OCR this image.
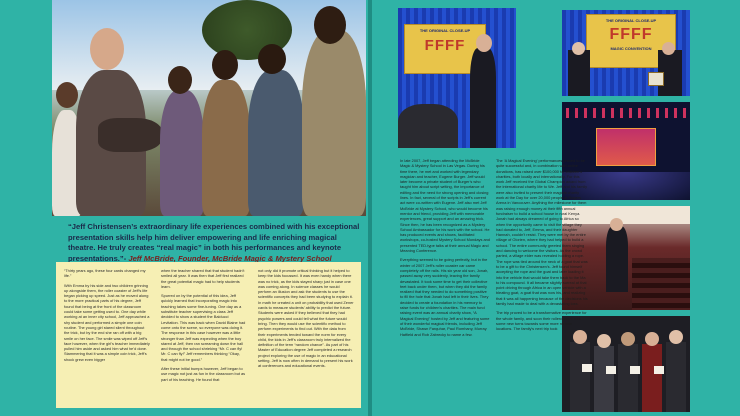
“Jeff Christensen’s extraordinary life experiences combined with his exceptional presentation skills help him deliver empowering and life enriching magical theatre. He truly creates “real magic” in both his performances and keynote presentations.”- Jeff McBride, Founder, McBride Magic & Mystery School

“Thirty years ago, these four cards changed my life.”

With Emma by his side and two children grinning up alongside them, the roller coaster of Jeff’s life began picking up speed. Just as he moved along to the more practical parts of his degree, Jeff found that being at the front of the classroom could take some getting used to. One day while working at an inner city school, Jeff approached a shy student and performed a simple one coin routine. The young girl stared silent throughout the trick, but by the end she ran off with a big smile on her face. The smile was wiped off Jeff’s face however, when the girl’s teacher immediately pulled him aside and asked him what he’d done. Stammering that it was a simple coin trick, Jeff’s shock grew even bigger

when the teacher shared that that student hadn’t smiled all year. It was then that Jeff first realized the great potential magic had to help students learn.

Spurred on by the potential of this idea, Jeff quickly learned that incorporating magic into teaching takes some fine-tuning. One day as a substitute teacher supervising a class Jeff decided to show a student the Balducci Levitation. This was back when David Blaine had come onto the scene, so everyone was doing it. The response in this case however was a little stronger than Jeff was expecting when the boy stared at Jeff, then ran screaming down the hall and through the school shrieking “Mr. C can fly! Mr. C can fly!” Jeff remembers thinking “Okay, that might not be good.”

After these initial bumps however, Jeff began to use magic not just as fun in the classroom but as part of his teaching. He found that

not only did it promote critical thinking but it helped to keep the kids focussed. It was even handy when there was no trick, as the kids stayed sharp just in case one was coming along. In science classes he would perform an illusion and ask the students to use the scientific concepts they had been studying to explain it. In math he created a unit on probability that used Zener cards to measure students’ ability to predict the future. Students were asked if they believed that they had psychic powers and could tell what the future would bring. Then they would use the scientific method to perform experiments to find out. With the data from their experiments tended toward the norm for every child, the kids in Jeff’s classroom truly internalized the definition of the term “random chance”. As part of his Master of Education degree Jeff completed a research project exploring the use of magic in an educational setting. Jeff is now often in demand to present his work at conferences and educational events.

THE ORIGINAL CLOSE-UP
FFFF
THE ORIGINAL CLOSE-UP
FFFF
MAGIC CONVENTION

In late 2007, Jeff began attending the McBride Magic & Mystery School in Las Vegas. During his time there, he met and worked with legendary magician and teacher, Eugene Burger. Jeff would later become a private student of Burger’s who taught him about script writing, the importance of editing and the need for strong opening and closing lines. In fact, several of the scripts in Jeff’s current act were co-written with Eugene. Jeff also met Jeff McBride at Mystery School, who would become his mentor and friend, providing Jeff with memorable experiences, great support and an amazing trick. Since then, he has been recognized as a Mystery School Ambassador for his work with the school. He has produced events and shows, facilitated workshops, co-hosted Mystery School Mondays and presented TED-type talks at their annual Magic and Meaning Conference.

Everything seemed to be going perfectly, but in the winter of 2007 Jeff’s roller coaster car came completely off the rails. His six year old son, Jonah, passed away very suddenly, leaving the family devastated. It took some time to get their collective feet back under them, but when they did the family realized that they needed to do something positive to fill the hole that Jonah had left in their lives. They decided to create a foundation in his memory to raise funds for children’s charities. The main fund raising event was an annual charity show, “A Magical Evening” hosted by Jeff and featuring some of their wonderful magical friends, including Jeff McBride, Shawn Farquhar, Paul Romhany, Murray Hatfield and Rob Zabrecky to name a few.

The ‘A Magical Evening’ performances proved to be quite successful and, in combination with online donations, has raised over $100,000 for children’s charities, both locally and internationally. For this work Jeff received the Global Champion award from the international charity Me to We. Jeff and his family were also invited to present their magical charity work at the Day for over 20,000 people at Rogers Arena in Vancouver. Anything the milestone for them was raising enough money at their fifth annual fundraiser to build a school house in rural Kenya. Jonah had always dreamed of going to Africa so when the opportunity came to visit the village they had donated to, Jeff, Emma, and their daughter Hannah, couldn’t resist. They were met by the entire village of Olorien, where they had helped to build a school. The entire community greeted them singing and dancing to welcome the visitors. As the crowd parted, a village elder was revealed holding a rope. The rope was tied around the neck of a goat that was to be a gift to the Christensen’s. Jeff found himself accepting the rope and the goat and later loading it into the vehicle that would take them back to the Ma to his compound. It all became slightly surreal at that point driving through Africa in an open vehicle with a bleating goat, a goat that was now his, and realizing that it was all happening because of the decisions his family had made to deal with a devastating loss.

The trip proved to be a transformative experience for the whole family, and soon their rollercoaster took some new turns towards some more remote locations. The family’s next trip took
